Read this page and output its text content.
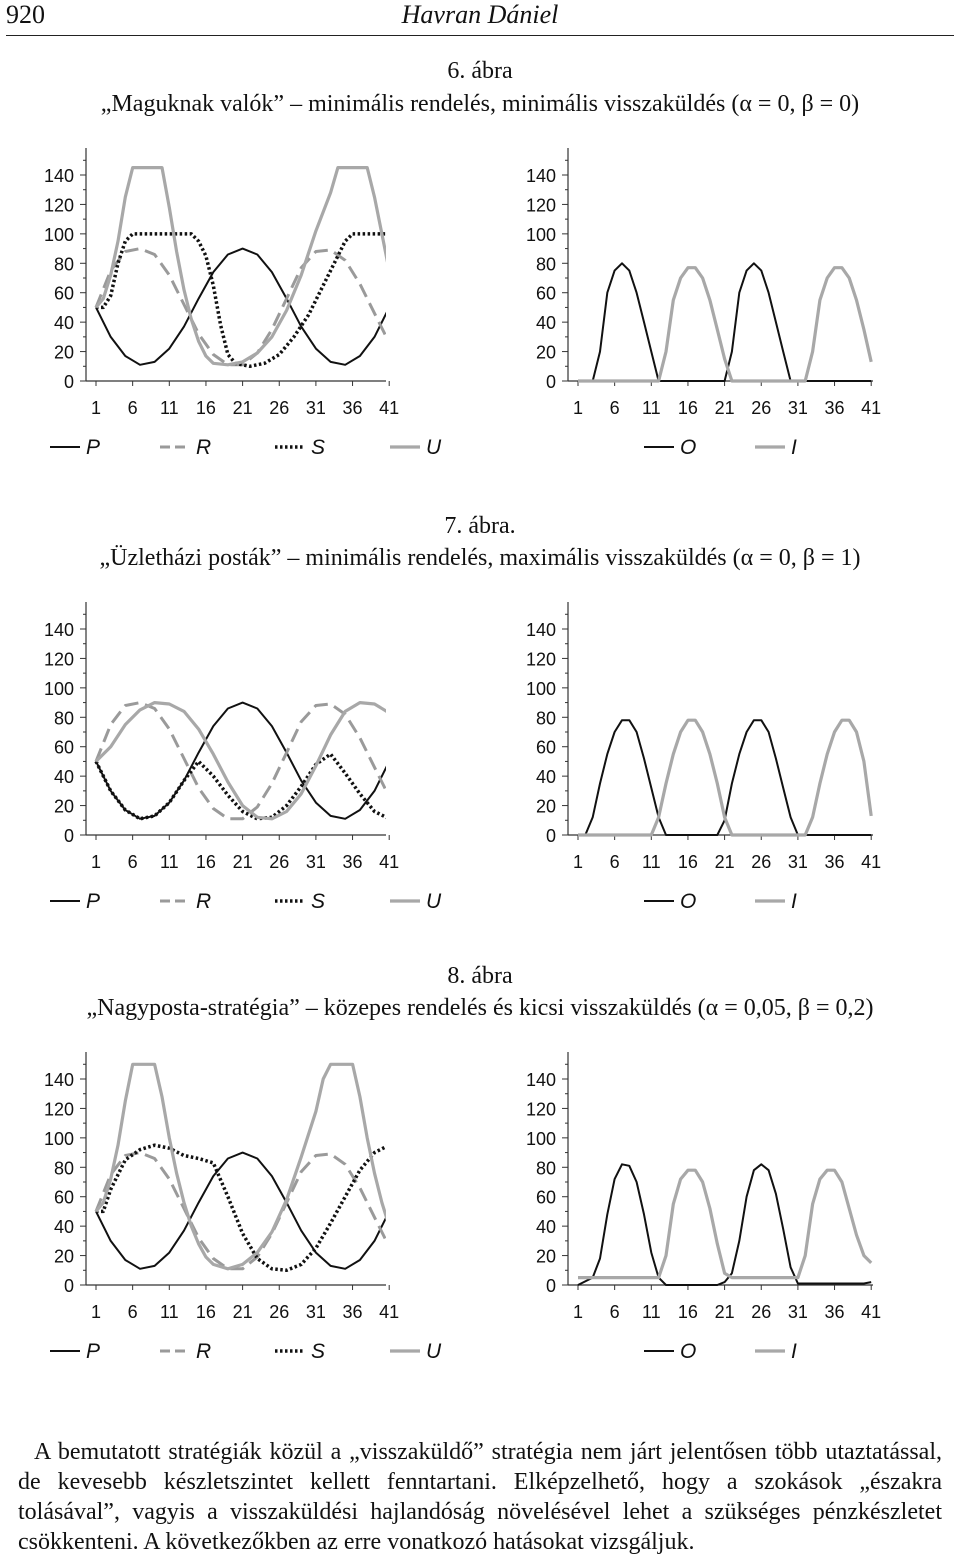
920	Havran Dániel
6. ábra
„Maguknak valók” – minimális rendelés, minimális visszaküldés (α = 0, β = 0)
0
20
40
60
80
100
120
140
1 6 11 16 21 26 31 36 41
P	R	S	U
0
20
40
60
80
100
120
140
1 6 11 16 21 26 31 36 41
O	I
7. ábra.
„Üzletházi posták” – minimális rendelés, maximális visszaküldés (α = 0, β = 1)
0
20
40
60
80
100
120
140
1 6 11 16 21 26 31 36 41
P	R	S	U
0
20
40
60
80
100
120
140
1 6 11 16 21 26 31 36 41
O	I
8. ábra
„Nagyposta-stratégia” – közepes rendelés és kicsi visszaküldés (α = 0,05, β = 0,2)
0
20
40
60
80
100
120
140
1 6 11 16 21 26 31 36 41
P	R	S	U
0
20
40
60
80
100
120
140
1 6 11 16 21 26 31 36 41
O	I

A bemutatott stratégiák közül a „visszaküldő” stratégia nem járt jelentősen több utaztatással, de kevesebb készletszintet kellett fenntartani. Elképzelhető, hogy a szokások „északra tolásával”, vagyis a visszaküldési hajlandóság növelésével lehet a szükséges pénzkészletet csökkenteni. A következőkben az erre vonatkozó hatásokat vizsgáljuk.
